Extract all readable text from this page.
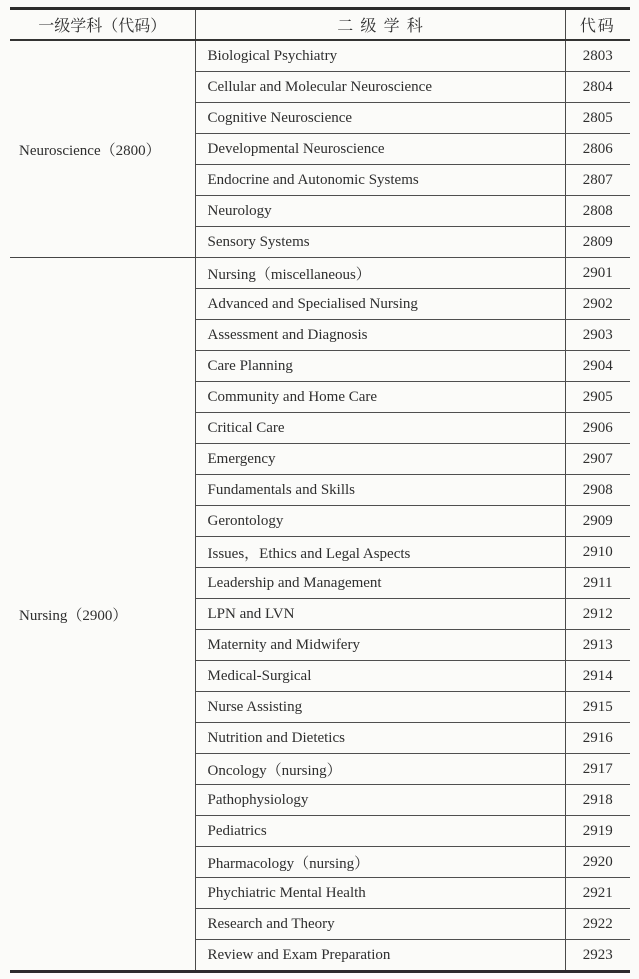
一级学科（代码）	二级学科	代码
Neuroscience（2800）	Biological Psychiatry	2803
	Cellular and Molecular Neuroscience	2804
	Cognitive Neuroscience	2805
	Developmental Neuroscience	2806
	Endocrine and Autonomic Systems	2807
	Neurology	2808
	Sensory Systems	2809
Nursing（2900）	Nursing（miscellaneous）	2901
	Advanced and Specialised Nursing	2902
	Assessment and Diagnosis	2903
	Care Planning	2904
	Community and Home Care	2905
	Critical Care	2906
	Emergency	2907
	Fundamentals and Skills	2908
	Gerontology	2909
	Issues，Ethics and Legal Aspects	2910
	Leadership and Management	2911
	LPN and LVN	2912
	Maternity and Midwifery	2913
	Medical-Surgical	2914
	Nurse Assisting	2915
	Nutrition and Dietetics	2916
	Oncology（nursing）	2917
	Pathophysiology	2918
	Pediatrics	2919
	Pharmacology（nursing）	2920
	Phychiatric Mental Health	2921
	Research and Theory	2922
	Review and Exam Preparation	2923
